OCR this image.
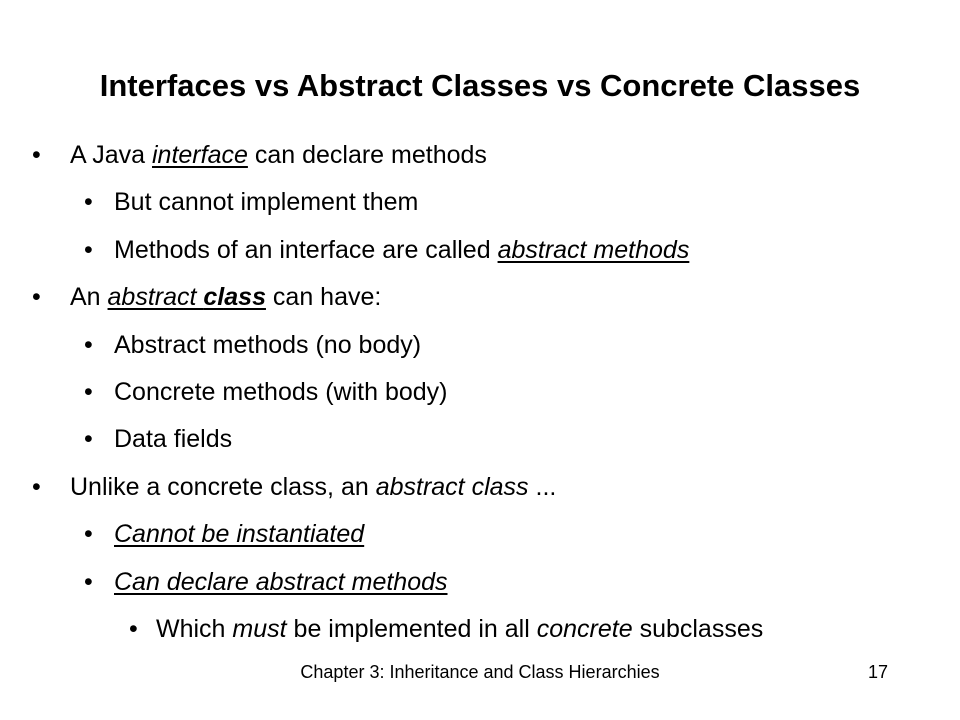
Interfaces vs Abstract Classes vs Concrete Classes
• A Java interface can declare methods
• But cannot implement them
• Methods of an interface are called abstract methods
• An abstract class can have:
• Abstract methods (no body)
• Concrete methods (with body)
• Data fields
• Unlike a concrete class, an abstract class ...
• Cannot be instantiated
• Can declare abstract methods
• Which must be implemented in all concrete subclasses
Chapter 3: Inheritance and Class Hierarchies	17
